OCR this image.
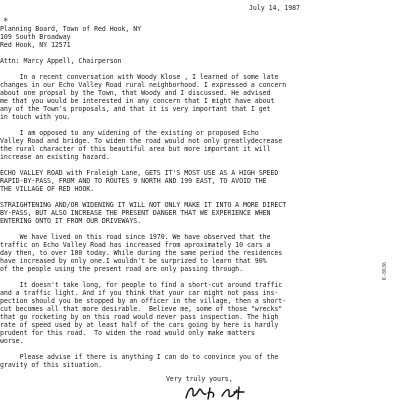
July 14, 1987
*
Planning Board, Town of Red Hook, NY
109 South Broadway
Red Hook, NY 12571
Attn: Marcy Appell, Chairperson
In a recent conversation with Woody Klose , I learned of some late
changes in our Echo Valley Road rural neighborhood. I expressed a concern
about one propsal by the Town, that Woody and I discussed. He advised
me that you would be interested in any concern that I might have about
any of the Town's proposals, and that it is very important that I get
in touch with you.
I am opposed to any widening of the existing or proposed Echo
Valley Road and bridge. To widen the road would not only greatlydecrease
the rural character of this beautiful area but more important it will
increase an existing hazard.
ECHO VALLEY ROAD with Fraleigh Lane, GETS IT'S MOST USE AS A HIGH SPEED
RAPID-BY-PASS, FROM AND TO ROUTES 9 NORTH AND 199 EAST, TO AVOID THE
THE VILLAGE OF RED HOOK.
STRAIGHTENING AND/OR WIDENING IT WILL NOT ONLY MAKE IT INTO A MORE DIRECT
BY-PASS, BUT ALSO INCREASE THE PRESENT DANGER THAT WE EXPERIENCE WHEN
ENTERING ONTO IT FROM OUR DRIVEWAYS.
We have lived on this road since 1970. We have observed that the
traffic on Echo Valley Road has increased from aproximately 10 cars a
day then, to over 100 today. While during the same period the residences
have increased by only one.I wouldn't be surprized to learn that 90%
of the people using the present road are only passing through.
It doesn't take long, for people to find a short-cut around traffic
and a traffic light. And if you think that your car might not pass ins-
pection should you be stopped by an officer in the village, then a short-
cut becomes all that more desirable.  Believe me, some of those "wrecks"
that go rocketing by on this road would never pass inspection. The high
rate of speed used by at least half of the cars going by here is hardly
prudent for this road.  To widen the road would only make matters
worse.
Please advise if there is anything I can do to convince you of the
gravity of this situation.
Very truly yours,
K-8636
